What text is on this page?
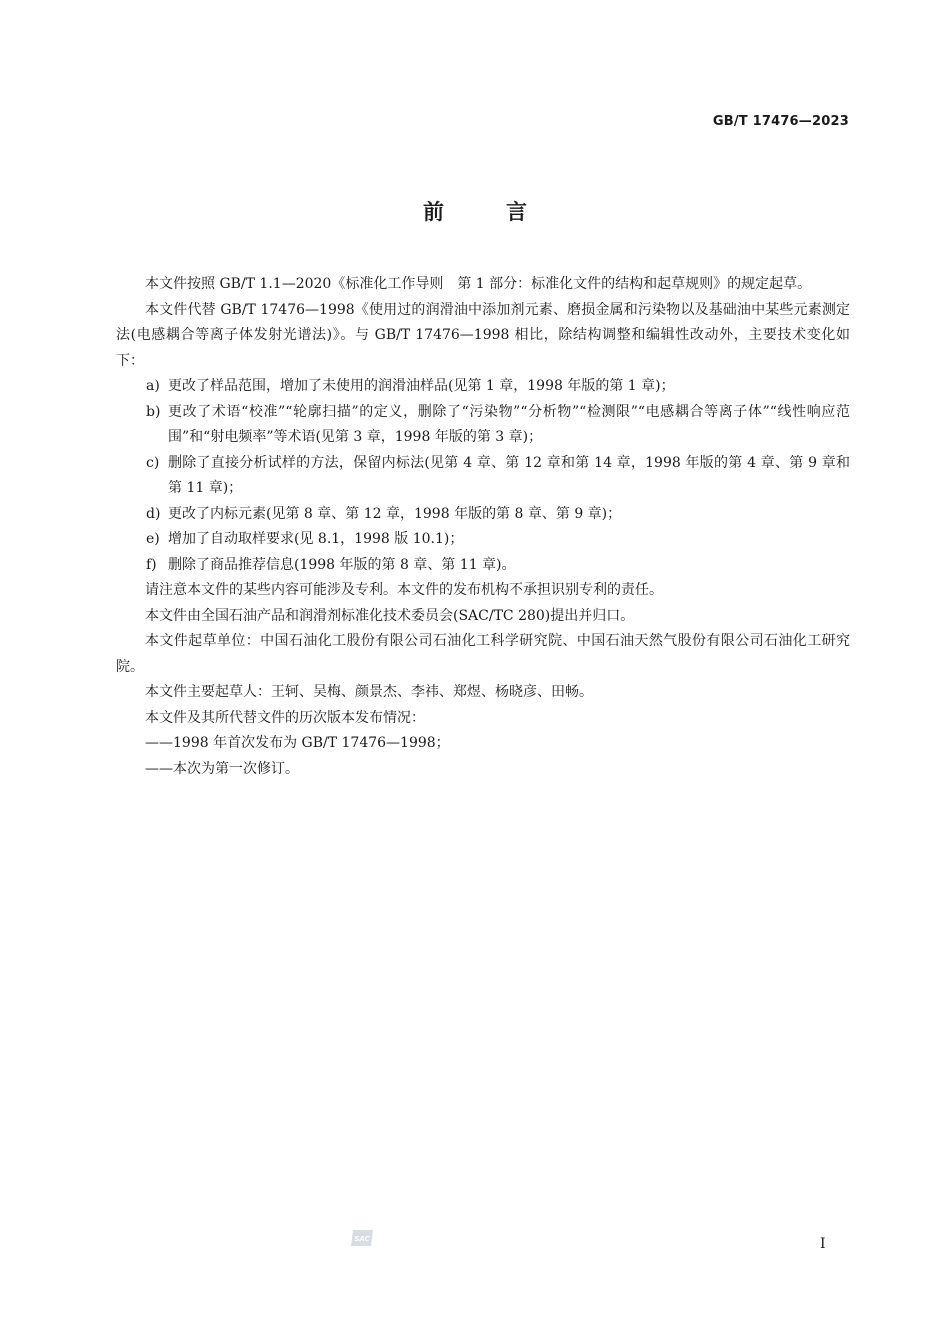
GB/T 17476—2023
前	言

本文件按照 GB/T 1.1—2020《标准化工作导则　第 1 部分：标准化文件的结构和起草规则》的规定起草。

本文件代替 GB/T 17476—1998《使用过的润滑油中添加剂元素、磨损金属和污染物以及基础油中某些元素测定法(电感耦合等离子体发射光谱法)》。与 GB/T 17476—1998 相比，除结构调整和编辑性改动外，主要技术变化如下：

a) 更改了样品范围，增加了未使用的润滑油样品(见第 1 章，1998 年版的第 1 章)；

b) 更改了术语“校准”“轮廓扫描”的定义，删除了“污染物”“分析物”“检测限”“电感耦合等离子体”“线性响应范围”和“射电频率”等术语(见第 3 章，1998 年版的第 3 章)；

c) 删除了直接分析试样的方法，保留内标法(见第 4 章、第 12 章和第 14 章，1998 年版的第 4 章、第 9 章和第 11 章)；

d) 更改了内标元素(见第 8 章、第 12 章，1998 年版的第 8 章、第 9 章)；

e) 增加了自动取样要求(见 8.1，1998 版 10.1)；

f) 删除了商品推荐信息(1998 年版的第 8 章、第 11 章)。

请注意本文件的某些内容可能涉及专利。本文件的发布机构不承担识别专利的责任。

本文件由全国石油产品和润滑剂标准化技术委员会(SAC/TC 280)提出并归口。

本文件起草单位：中国石油化工股份有限公司石油化工科学研究院、中国石油天然气股份有限公司石油化工研究院。

本文件主要起草人：王轲、吴梅、颜景杰、李祎、郑煜、杨晓彦、田畅。

本文件及其所代替文件的历次版本发布情况：

——1998 年首次发布为 GB/T 17476—1998；

——本次为第一次修订。

SAC	I
